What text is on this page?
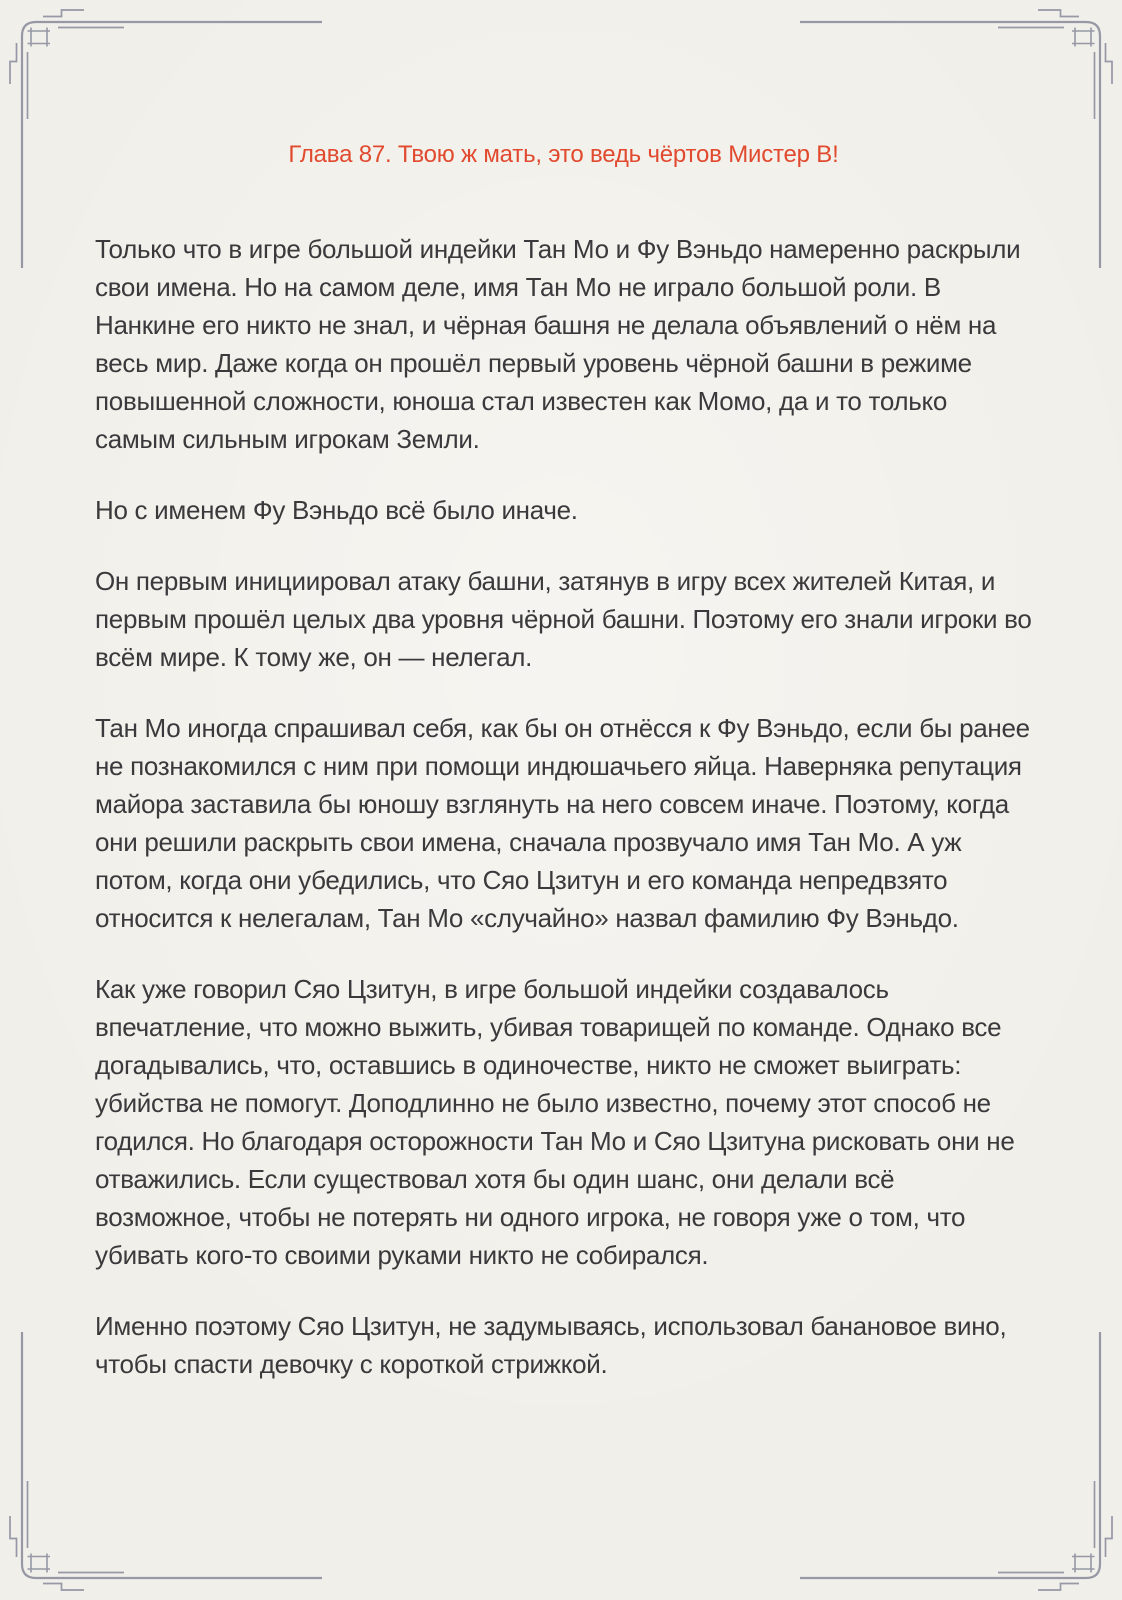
Глава 87. Твою ж мать, это ведь чёртов Мистер В!

Только что в игре большой индейки Тан Мо и Фу Вэньдо намеренно раскрыли свои имена. Но на самом деле, имя Тан Мо не играло большой роли. В Нанкине его никто не знал, и чёрная башня не делала объявлений о нём на весь мир. Даже когда он прошёл первый уровень чёрной башни в режиме повышенной сложности, юноша стал известен как Момо, да и то только самым сильным игрокам Земли.

Но с именем Фу Вэньдо всё было иначе.

Он первым инициировал атаку башни, затянув в игру всех жителей Китая, и первым прошёл целых два уровня чёрной башни. Поэтому его знали игроки во всём мире. К тому же, он — нелегал.

Тан Мо иногда спрашивал себя, как бы он отнёсся к Фу Вэньдо, если бы ранее не познакомился с ним при помощи индюшачьего яйца. Наверняка репутация майора заставила бы юношу взглянуть на него совсем иначе. Поэтому, когда они решили раскрыть свои имена, сначала прозвучало имя Тан Мо. А уж потом, когда они убедились, что Сяо Цзитун и его команда непредвзято относится к нелегалам, Тан Мо «случайно» назвал фамилию Фу Вэньдо.

Как уже говорил Сяо Цзитун, в игре большой индейки создавалось впечатление, что можно выжить, убивая товарищей по команде. Однако все догадывались, что, оставшись в одиночестве, никто не сможет выиграть: убийства не помогут. Доподлинно не было известно, почему этот способ не годился. Но благодаря осторожности Тан Мо и Сяо Цзитуна рисковать они не отважились. Если существовал хотя бы один шанс, они делали всё возможное, чтобы не потерять ни одного игрока, не говоря уже о том, что убивать кого-то своими руками никто не собирался.

Именно поэтому Сяо Цзитун, не задумываясь, использовал банановое вино, чтобы спасти девочку с короткой стрижкой.
